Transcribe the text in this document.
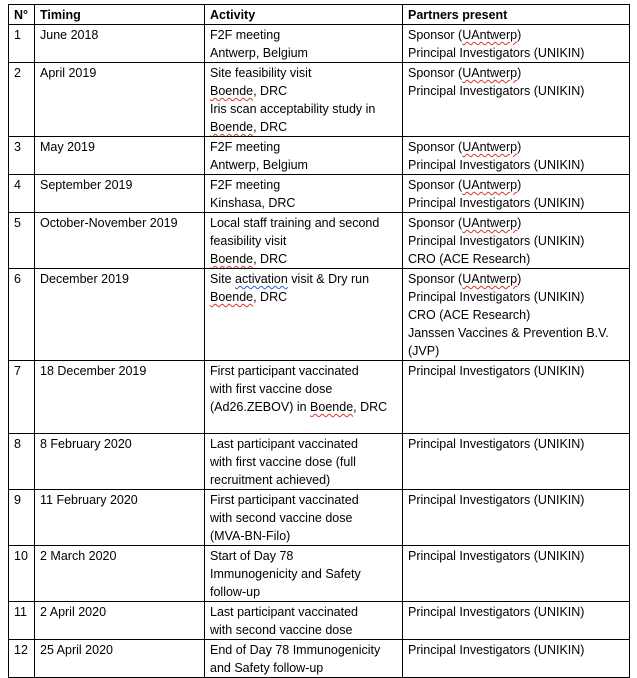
N°	Timing	Activity	Partners present
1	June 2018	F2F meeting
Antwerp, Belgium	Sponsor (UAntwerp)
Principal Investigators (UNIKIN)

2	April 2019	Site feasibility visit
Boende, DRC
Iris scan acceptability study in
Boende, DRC	Sponsor (UAntwerp)
Principal Investigators (UNIKIN)

3	May 2019	F2F meeting
Antwerp, Belgium	Sponsor (UAntwerp)
Principal Investigators (UNIKIN)

4	September 2019	F2F meeting
Kinshasa, DRC	Sponsor (UAntwerp)
Principal Investigators (UNIKIN)

5	October-November 2019	Local staff training and second
feasibility visit
Boende, DRC	Sponsor (UAntwerp)
Principal Investigators (UNIKIN)
CRO (ACE Research)

6	December 2019	Site activation visit & Dry run
Boende, DRC	Sponsor (UAntwerp)
Principal Investigators (UNIKIN)
CRO (ACE Research)
Janssen Vaccines & Prevention B.V.
(JVP)

7	18 December 2019	First participant vaccinated
with first vaccine dose
(Ad26.ZEBOV) in Boende, DRC	Principal Investigators (UNIKIN)

8	8 February 2020	Last participant vaccinated
with first vaccine dose (full
recruitment achieved)	Principal Investigators (UNIKIN)

9	11 February 2020	First participant vaccinated
with second vaccine dose
(MVA-BN-Filo)	Principal Investigators (UNIKIN)

10	2 March 2020	Start of Day 78
Immunogenicity and Safety
follow-up	Principal Investigators (UNIKIN)

11	2 April 2020	Last participant vaccinated
with second vaccine dose	Principal Investigators (UNIKIN)

12	25 April 2020	End of Day 78 Immunogenicity
and Safety follow-up	Principal Investigators (UNIKIN)
